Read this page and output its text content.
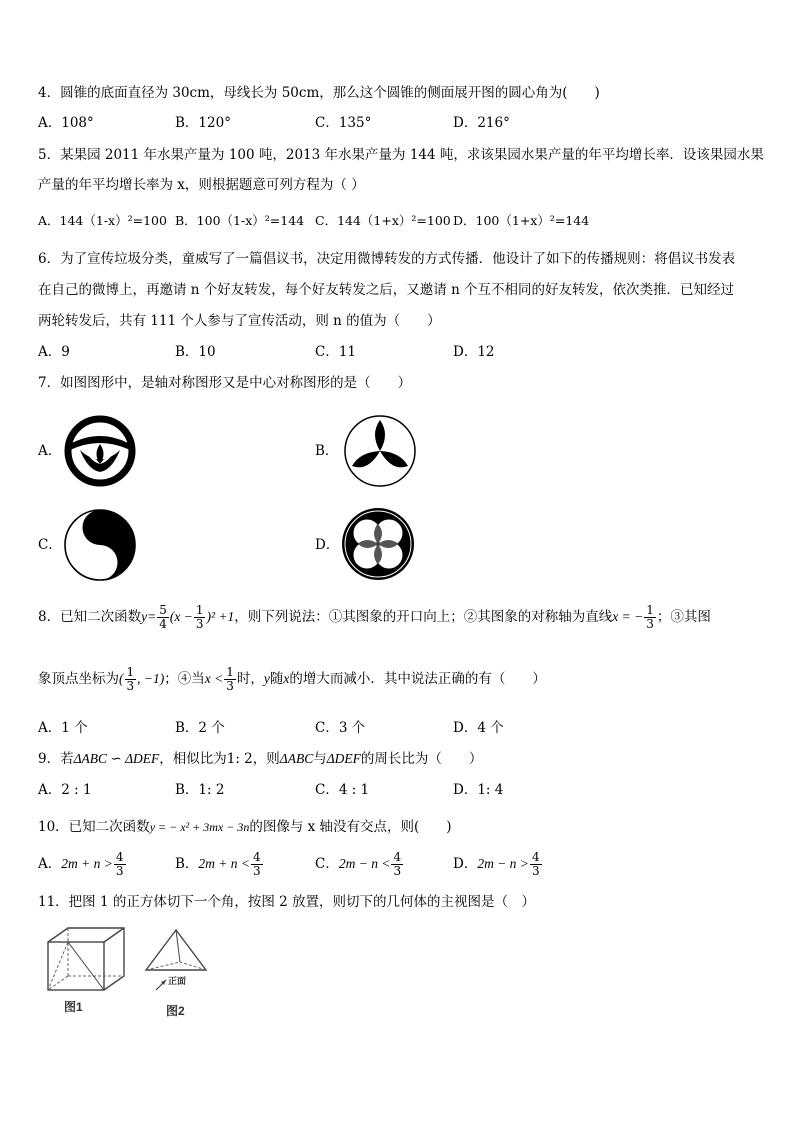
4．圆锥的底面直径为 30cm，母线长为 50cm，那么这个圆锥的侧面展开图的圆心角为(　　)
A．108°	B．120°	C．135°	D．216°
5．某果园 2011 年水果产量为 100 吨，2013 年水果产量为 144 吨，求该果园水果产量的年平均增长率．设该果园水果
产量的年平均增长率为 x，则根据题意可列方程为（ ）
A．144（1-x）²=100 B．100（1-x）²=144 C．144（1+x）²=100 D．100（1+x）²=144
6．为了宣传垃圾分类，童威写了一篇倡议书，决定用微博转发的方式传播．他设计了如下的传播规则：将倡议书发表
在自己的微博上，再邀请 n 个好友转发，每个好友转发之后，又邀请 n 个互不相同的好友转发，依次类推．已知经过
两轮转发后，共有 111 个人参与了宣传活动，则 n 的值为（　　）
A．9	B．10	C．11	D．12
7．如图图形中，是轴对称图形又是中心对称图形的是（　　）
A．	B．
C．	D．
8．已知二次函数$y= \frac{5}{4} (x - \frac{1}{3} )^2 +1$，则下列说法：①其图象的开口向上；②其图象的对称轴为直线x = − $\frac{1}{3}$ ；③其图
象顶点坐标为( $\frac{1}{3}$ , −1)；④当$x < \frac{1}{3}$ 时，y随x的增大而减小．其中说法正确的有（　　）
A．1 个	B．2 个	C．3 个	D．4 个
9．若ΔABC ∽ ΔDEF，相似比为1: 2，则ΔABC与ΔDEF的周长比为（　　）
A．2 : 1	B．1: 2	C．4 : 1	D．1: 4
10．已知二次函数y = − x² + 3mx − 3n的图像与 x 轴没有交点，则(　　)
A．$2m + n > \frac{4}{3}$	B．$2m + n < \frac{4}{3}$	C．$2m - n < \frac{4}{3}$	D．$2m - n > \frac{4}{3}$
11．把图 1 的正方体切下一个角，按图 2 放置，则切下的几何体的主视图是（　）
图1
正面
图2
